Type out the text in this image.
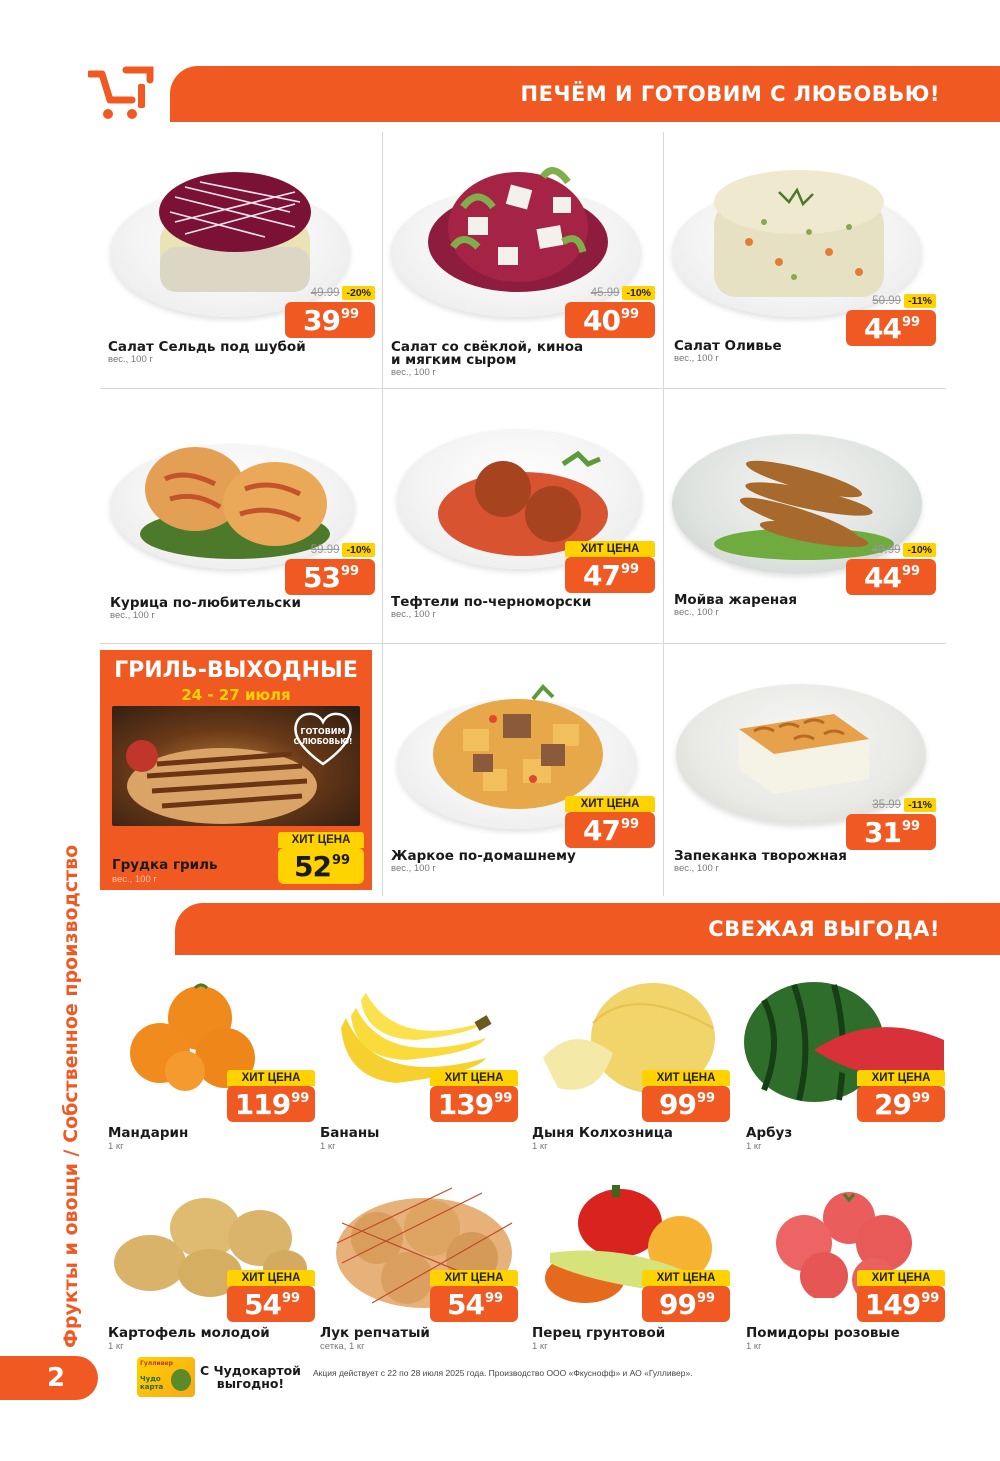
ПЕЧЁМ И ГОТОВИМ С ЛЮБОВЬЮ!
49.99 -20%
39 99
Салат Сельдь под шубой
вес., 100 г
45.99 -10%
40 99
Салат со свёклой, киноа
и мягким сыром
вес., 100 г
50.99 -11%
44 99
Салат Оливье
вес., 100 г
59.99 -10%
53 99
Курица по-любительски
вес., 100 г
ХИТ ЦЕНА
47 99
Тефтели по-черноморски
вес., 100 г
49.99 -10%
44 99
Мойва жареная
вес., 100 г
ХИТ ЦЕНА
47 99
Жаркое по-домашнему
вес., 100 г
35.99 -11%
31 99
Запеканка творожная
вес., 100 г
ГРИЛЬ-ВЫХОДНЫЕ
24 - 27 июля
ГОТОВИМ
С ЛЮБОВЬЮ!
ХИТ ЦЕНА
52 99
Грудка гриль
вес., 100 г
СВЕЖАЯ ВЫГОДА!
Фрукты и овощи / Собственное производство	ХИТ ЦЕНА
119 99
Мандарин
1 кг
ХИТ ЦЕНА
139 99
Бананы
1 кг
ХИТ ЦЕНА
99 99
Дыня Колхозница
1 кг
ХИТ ЦЕНА
29 99
Арбуз
1 кг
ХИТ ЦЕНА
54 99
Картофель молодой
1 кг
ХИТ ЦЕНА
54 99
Лук репчатый
сетка, 1 кг
ХИТ ЦЕНА
99 99
Перец грунтовой
1 кг
ХИТ ЦЕНА
149 99
Помидоры розовые
1 кг
2	Гулливер
Чудо карта
С Чудокартой
выгодно!
Акция действует с 22 по 28 июля 2025 года. Производство ООО «Фкуснофф» и АО «Гулливер».
